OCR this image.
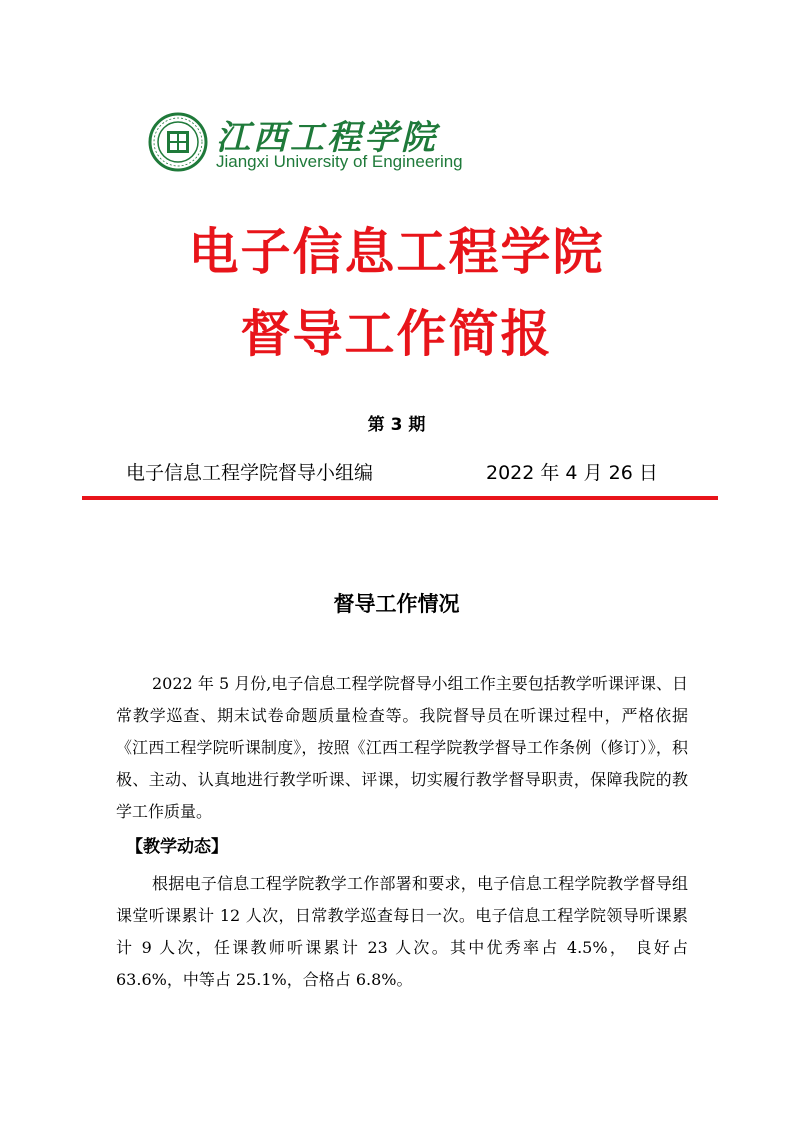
江西工程学院
Jiangxi University of Engineering
电子信息工程学院
督导工作简报
第 3 期
电子信息工程学院督导小组编	2022 年 4 月 26 日
督导工作情况
2022 年 5 月份,电子信息工程学院督导小组工作主要包括教学听课评课、日常教学巡查、期末试卷命题质量检查等。我院督导员在听课过程中，严格依据《江西工程学院听课制度》，按照《江西工程学院教学督导工作条例（修订）》，积极、主动、认真地进行教学听课、评课，切实履行教学督导职责，保障我院的教学工作质量。
【教学动态】
根据电子信息工程学院教学工作部署和要求，电子信息工程学院教学督导组课堂听课累计 12 人次，日常教学巡查每日一次。电子信息工程学院领导听课累计 9 人次，任课教师听课累计 23 人次。其中优秀率占 4.5%， 良好占 63.6%，中等占 25.1%，合格占 6.8%。
